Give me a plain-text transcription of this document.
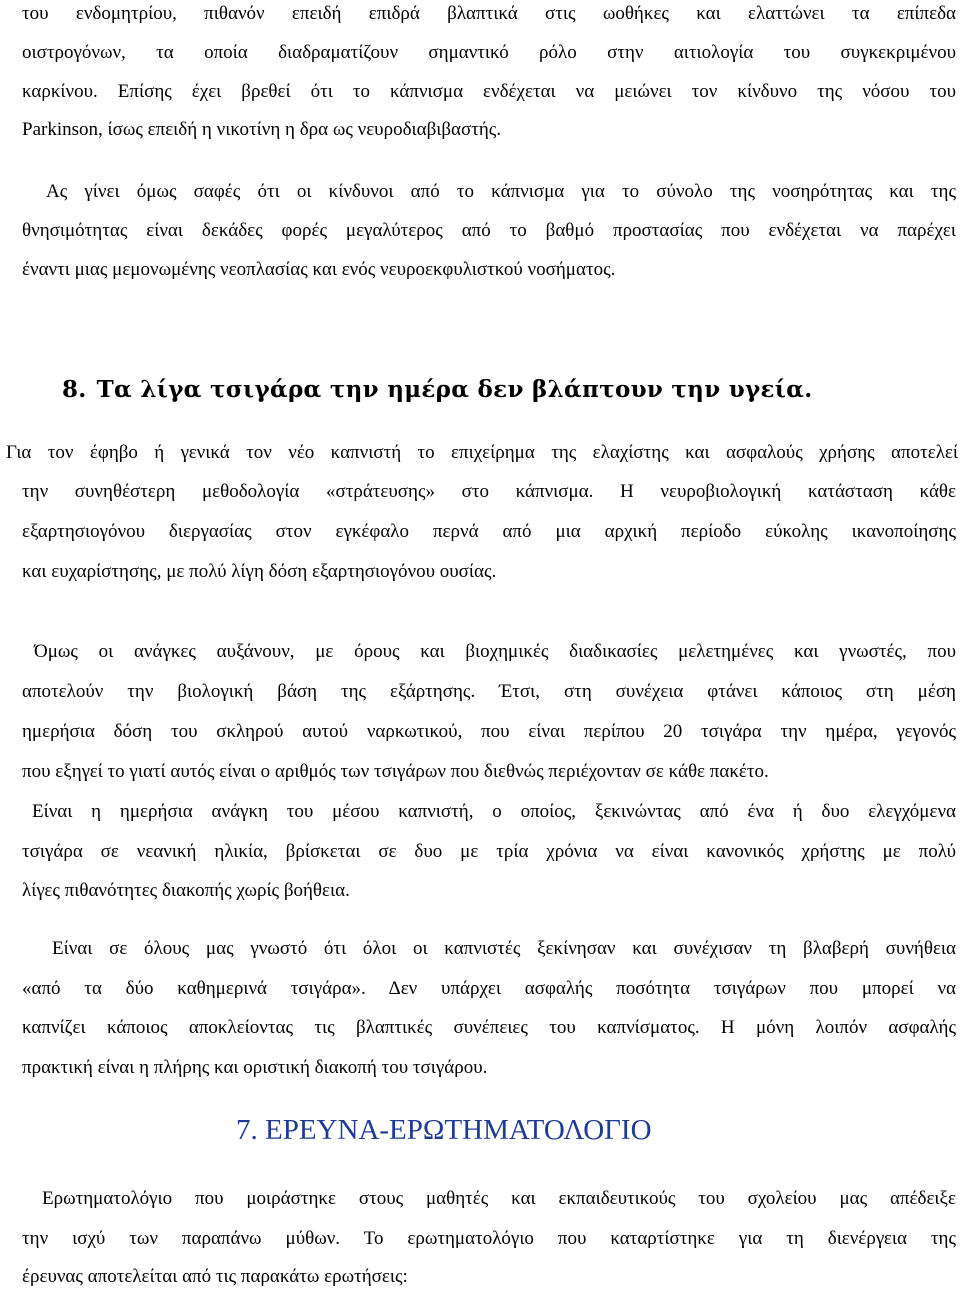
του ενδομητρίου, πιθανόν επειδή επιδρά βλαπτικά στις ωοθήκες και ελαττώνει τα επίπεδα
οιστρογόνων, τα οποία διαδραματίζουν σημαντικό ρόλο στην αιτιολογία του συγκεκριμένου
καρκίνου. Επίσης έχει βρεθεί ότι το κάπνισμα ενδέχεται να μειώνει τον κίνδυνο της νόσου του
Parkinson, ίσως επειδή η νικοτίνη η δρα ως νευροδιαβιβαστής.
Ας γίνει όμως σαφές ότι οι κίνδυνοι από το κάπνισμα για το σύνολο της νοσηρότητας και της
θνησιμότητας είναι δεκάδες φορές μεγαλύτερος από το βαθμό προστασίας που ενδέχεται να παρέχει
έναντι μιας μεμονωμένης νεοπλασίας και ενός νευροεκφυλιστκού νοσήματος.
8. Τα λίγα τσιγάρα την ημέρα δεν βλάπτουν την υγεία.
Για τον έφηβο ή γενικά τον νέο καπνιστή το επιχείρημα της ελαχίστης και ασφαλούς χρήσης αποτελεί
την συνηθέστερη μεθοδολογία «στράτευσης» στο κάπνισμα. Η νευροβιολογική κατάσταση κάθε
εξαρτησιογόνου διεργασίας στον εγκέφαλο περνά από μια αρχική περίοδο εύκολης ικανοποίησης
και ευχαρίστησης, με πολύ λίγη δόση εξαρτησιογόνου ουσίας.
Όμως οι ανάγκες αυξάνουν, με όρους και βιοχημικές διαδικασίες μελετημένες και γνωστές, που
αποτελούν την βιολογική βάση της εξάρτησης. Έτσι, στη συνέχεια φτάνει κάποιος στη μέση
ημερήσια δόση του σκληρού αυτού ναρκωτικού, που είναι περίπου 20 τσιγάρα την ημέρα, γεγονός
που εξηγεί το γιατί αυτός είναι ο αριθμός των τσιγάρων που διεθνώς περιέχονταν σε κάθε πακέτο.
Είναι η ημερήσια ανάγκη του μέσου καπνιστή, ο οποίος, ξεκινώντας από ένα ή δυο ελεγχόμενα
τσιγάρα σε νεανική ηλικία, βρίσκεται σε δυο με τρία χρόνια να είναι κανονικός χρήστης με πολύ
λίγες πιθανότητες διακοπής χωρίς βοήθεια.
Είναι σε όλους μας γνωστό ότι όλοι οι καπνιστές ξεκίνησαν και συνέχισαν τη βλαβερή συνήθεια
«από τα δύο καθημερινά τσιγάρα». Δεν υπάρχει ασφαλής ποσότητα τσιγάρων που μπορεί να
καπνίζει κάποιος αποκλείοντας τις βλαπτικές συνέπειες του καπνίσματος. Η μόνη λοιπόν ασφαλής
πρακτική είναι η πλήρης και οριστική διακοπή του τσιγάρου.
7. ΕΡΕΥΝΑ-ΕΡΩΤΗΜΑΤΟΛΟΓΙΟ
Ερωτηματολόγιο που μοιράστηκε στους μαθητές και εκπαιδευτικούς του σχολείου μας απέδειξε
την ισχύ των παραπάνω μύθων. Το ερωτηματολόγιο που καταρτίστηκε για τη διενέργεια της
έρευνας αποτελείται από τις παρακάτω ερωτήσεις:
